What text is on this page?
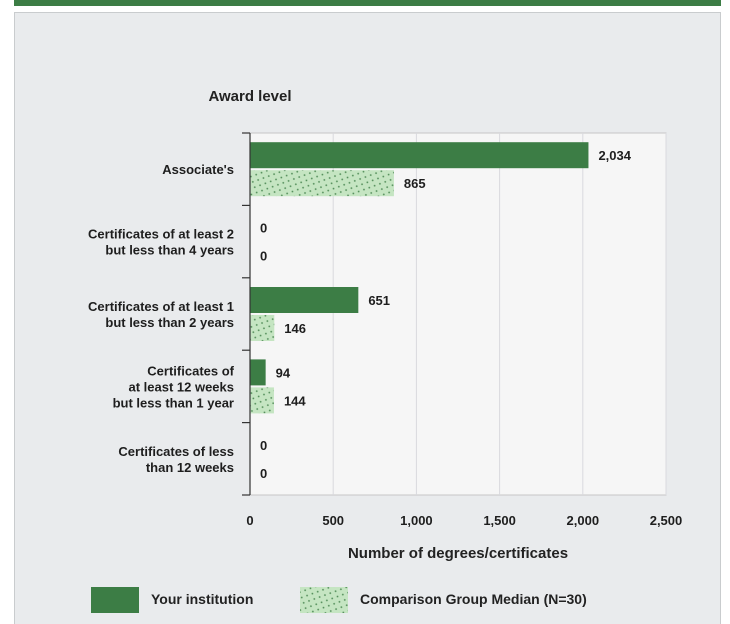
Award level
2,034
865
0
0
651
146
94
144
0
0
Associate's
Certificates of at least 2
but less than 4 years
Certificates of at least 1
but less than 2 years
Certificates of
at least 12 weeks
but less than 1 year
Certificates of less
than 12 weeks
0	500	1,000	1,500	2,000	2,500
Number of degrees/certificates
Your institution	Comparison Group Median (N=30)
